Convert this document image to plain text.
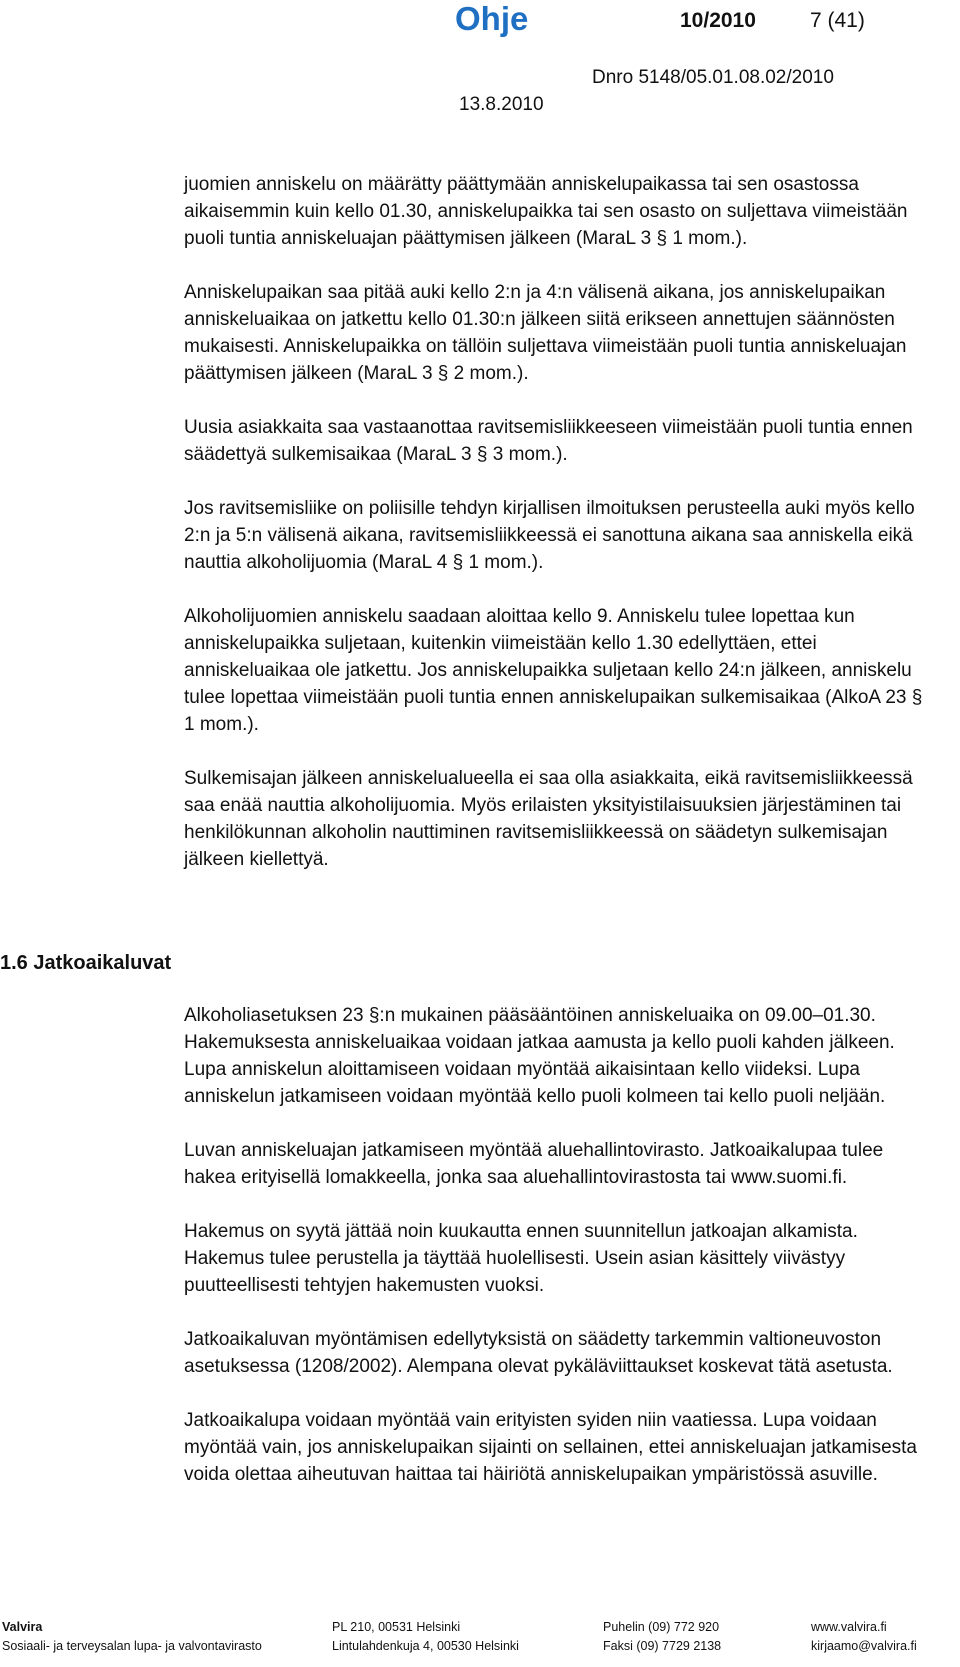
Ohje	10/2010	7 (41)
Dnro 5148/05.01.08.02/2010
13.8.2010

juomien anniskelu on määrätty päättymään anniskelupaikassa tai sen osastossa aikaisemmin kuin kello 01.30, anniskelupaikka tai sen osasto on suljettava viimeistään puoli tuntia anniskeluajan päättymisen jälkeen (MaraL 3 § 1 mom.).

Anniskelupaikan saa pitää auki kello 2:n ja 4:n välisenä aikana, jos anniskelupaikan anniskeluaikaa on jatkettu kello 01.30:n jälkeen siitä erikseen annettujen säännösten mukaisesti. Anniskelupaikka on tällöin suljettava viimeistään puoli tuntia anniskeluajan päättymisen jälkeen (MaraL 3 § 2 mom.).

Uusia asiakkaita saa vastaanottaa ravitsemisliikkeeseen viimeistään puoli tuntia ennen säädettyä sulkemisaikaa (MaraL 3 § 3 mom.).

Jos ravitsemisliike on poliisille tehdyn kirjallisen ilmoituksen perusteella auki myös kello 2:n ja 5:n välisenä aikana, ravitsemisliikkeessä ei sanottuna aikana saa anniskella eikä nauttia alkoholijuomia (MaraL 4 § 1 mom.).

Alkoholijuomien anniskelu saadaan aloittaa kello 9. Anniskelu tulee lopettaa kun anniskelupaikka suljetaan, kuitenkin viimeistään kello 1.30 edellyttäen, ettei anniskeluaikaa ole jatkettu. Jos anniskelupaikka suljetaan kello 24:n jälkeen, anniskelu tulee lopettaa viimeistään puoli tuntia ennen anniskelupaikan sulkemisaikaa (AlkoA 23 § 1 mom.).

Sulkemisajan jälkeen anniskelualueella ei saa olla asiakkaita, eikä ravitsemisliikkeessä saa enää nauttia alkoholijuomia. Myös erilaisten yksityistilaisuuksien järjestäminen tai henkilökunnan alkoholin nauttiminen ravitsemisliikkeessä on säädetyn sulkemisajan jälkeen kiellettyä.

1.6 Jatkoaikaluvat

Alkoholiasetuksen 23 §:n mukainen pääsääntöinen anniskeluaika on 09.00–01.30. Hakemuksesta anniskeluaikaa voidaan jatkaa aamusta ja kello puoli kahden jälkeen. Lupa anniskelun aloittamiseen voidaan myöntää aikaisintaan kello viideksi. Lupa anniskelun jatkamiseen voidaan myöntää kello puoli kolmeen tai kello puoli neljään.

Luvan anniskeluajan jatkamiseen myöntää aluehallintovirasto. Jatkoaikalupaa tulee hakea erityisellä lomakkeella, jonka saa aluehallintovirastosta tai www.suomi.fi.

Hakemus on syytä jättää noin kuukautta ennen suunnitellun jatkoajan alkamista. Hakemus tulee perustella ja täyttää huolellisesti. Usein asian käsittely viivästyy puutteellisesti tehtyjen hakemusten vuoksi.

Jatkoaikaluvan myöntämisen edellytyksistä on säädetty tarkemmin valtioneuvoston asetuksessa (1208/2002). Alempana olevat pykäläviittaukset koskevat tätä asetusta.

Jatkoaikalupa voidaan myöntää vain erityisten syiden niin vaatiessa. Lupa voidaan myöntää vain, jos anniskelupaikan sijainti on sellainen, ettei anniskeluajan jatkamisesta voida olettaa aiheutuvan haittaa tai häiriötä anniskelupaikan ympäristössä asuville.

Valvira	PL 210, 00531 Helsinki	Puhelin (09) 772 920	www.valvira.fi
Sosiaali- ja terveysalan lupa- ja valvontavirasto	Lintulahdenkuja 4, 00530 Helsinki	Faksi (09) 7729 2138	kirjaamo@valvira.fi
